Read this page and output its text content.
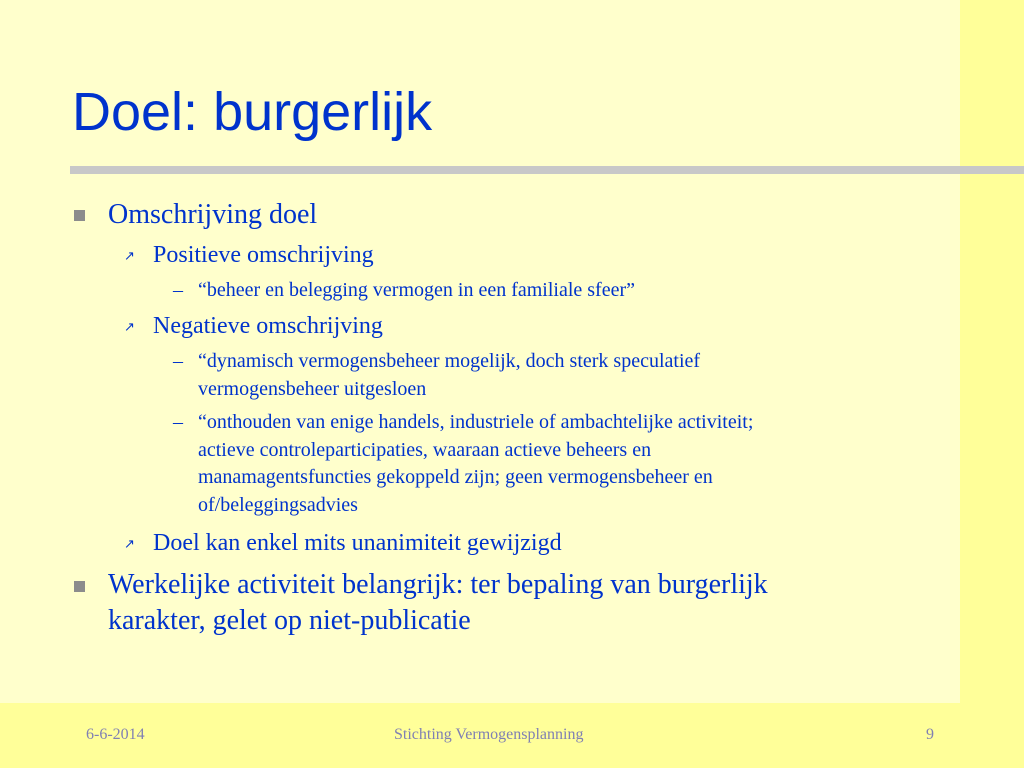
Doel: burgerlijk
Omschrijving doel
↗ Positieve omschrijving
– “beheer en belegging vermogen in een familiale sfeer”
↗ Negatieve omschrijving
– “dynamisch vermogensbeheer mogelijk, doch sterk speculatief
vermogensbeheer uitgesloen
– “onthouden van enige handels, industriele of ambachtelijke activiteit;
actieve controleparticipaties, waaraan actieve beheers en
manamagentsfuncties gekoppeld zijn; geen vermogensbeheer en
of/beleggingsadvies
↗ Doel kan enkel mits unanimiteit gewijzigd
Werkelijke activiteit belangrijk: ter bepaling van burgerlijk
karakter, gelet op niet-publicatie
6-6-2014	Stichting Vermogensplanning	9
